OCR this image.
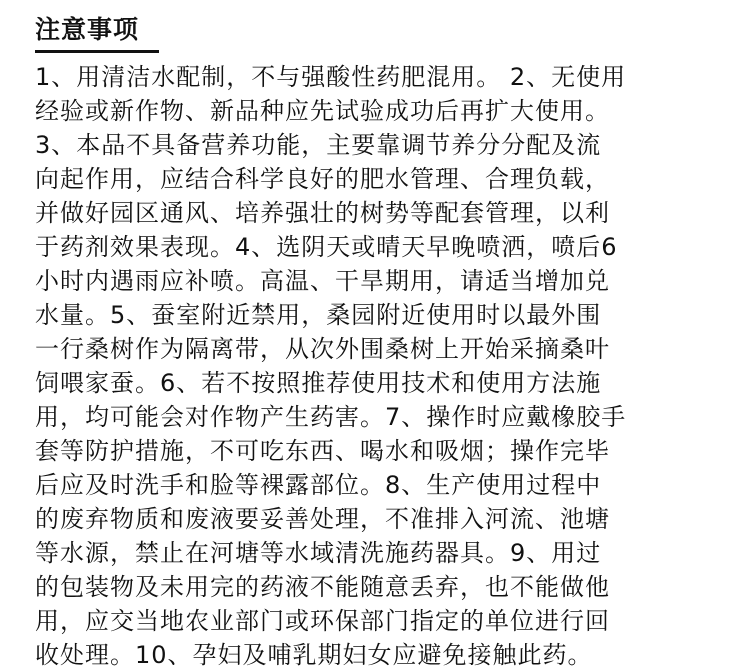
注意事项
1、用清洁水配制，不与强酸性药肥混用。 2、无使用
经验或新作物、新品种应先试验成功后再扩大使用。
3、本品不具备营养功能，主要靠调节养分分配及流
向起作用，应结合科学良好的肥水管理、合理负载，
并做好园区通风、培养强壮的树势等配套管理，以利
于药剂效果表现。4、选阴天或晴天早晚喷洒，喷后6
小时内遇雨应补喷。高温、干旱期用，请适当增加兑
水量。5、蚕室附近禁用，桑园附近使用时以最外围
一行桑树作为隔离带，从次外围桑树上开始采摘桑叶
饲喂家蚕。6、若不按照推荐使用技术和使用方法施
用，均可能会对作物产生药害。7、操作时应戴橡胶手
套等防护措施，不可吃东西、喝水和吸烟；操作完毕
后应及时洗手和脸等裸露部位。8、生产使用过程中
的废弃物质和废液要妥善处理，不准排入河流、池塘
等水源，禁止在河塘等水域清洗施药器具。9、用过
的包装物及未用完的药液不能随意丢弃，也不能做他
用，应交当地农业部门或环保部门指定的单位进行回
收处理。10、孕妇及哺乳期妇女应避免接触此药。
